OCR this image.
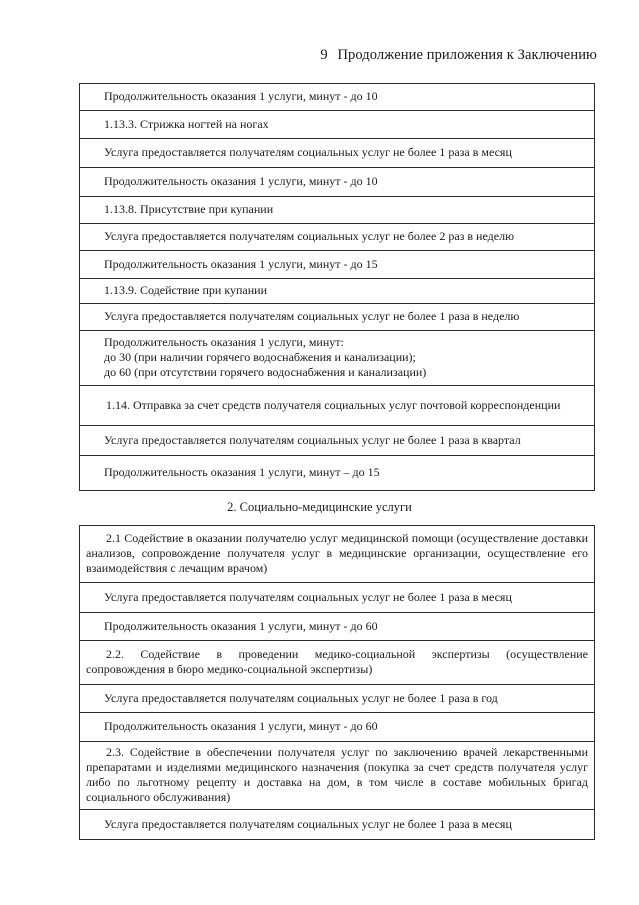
9 Продолжение приложения к Заключению
Продолжительность оказания 1 услуги, минут - до 10
1.13.3. Стрижка ногтей на ногах
Услуга предоставляется получателям социальных услуг не более 1 раза в месяц
Продолжительность оказания 1 услуги, минут - до 10
1.13.8. Присутствие при купании
Услуга предоставляется получателям социальных услуг не более 2 раз в неделю
Продолжительность оказания 1 услуги, минут - до 15
1.13.9. Содействие при купании
Услуга предоставляется получателям социальных услуг не более 1 раза в неделю
Продолжительность оказания 1 услуги, минут:
до 30 (при наличии горячего водоснабжения и канализации);
до 60 (при отсутствии горячего водоснабжения и канализации)
1.14. Отправка за счет средств получателя социальных услуг почтовой корреспонденции
Услуга предоставляется получателям социальных услуг не более 1 раза в квартал
Продолжительность оказания 1 услуги, минут – до 15
2. Социально-медицинские услуги
2.1 Содействие в оказании получателю услуг медицинской помощи (осуществление доставки анализов, сопровождение получателя услуг в медицинские организации, осуществление его взаимодействия с лечащим врачом)
Услуга предоставляется получателям социальных услуг не более 1 раза в месяц
Продолжительность оказания 1 услуги, минут - до 60
2.2. Содействие в проведении медико-социальной экспертизы (осуществление сопровождения в бюро медико-социальной экспертизы)
Услуга предоставляется получателям социальных услуг не более 1 раза в год
Продолжительность оказания 1 услуги, минут - до 60
2.3. Содействие в обеспечении получателя услуг по заключению врачей лекарственными препаратами и изделиями медицинского назначения (покупка за счет средств получателя услуг либо по льготному рецепту и доставка на дом, в том числе в составе мобильных бригад социального обслуживания)
Услуга предоставляется получателям социальных услуг не более 1 раза в месяц
